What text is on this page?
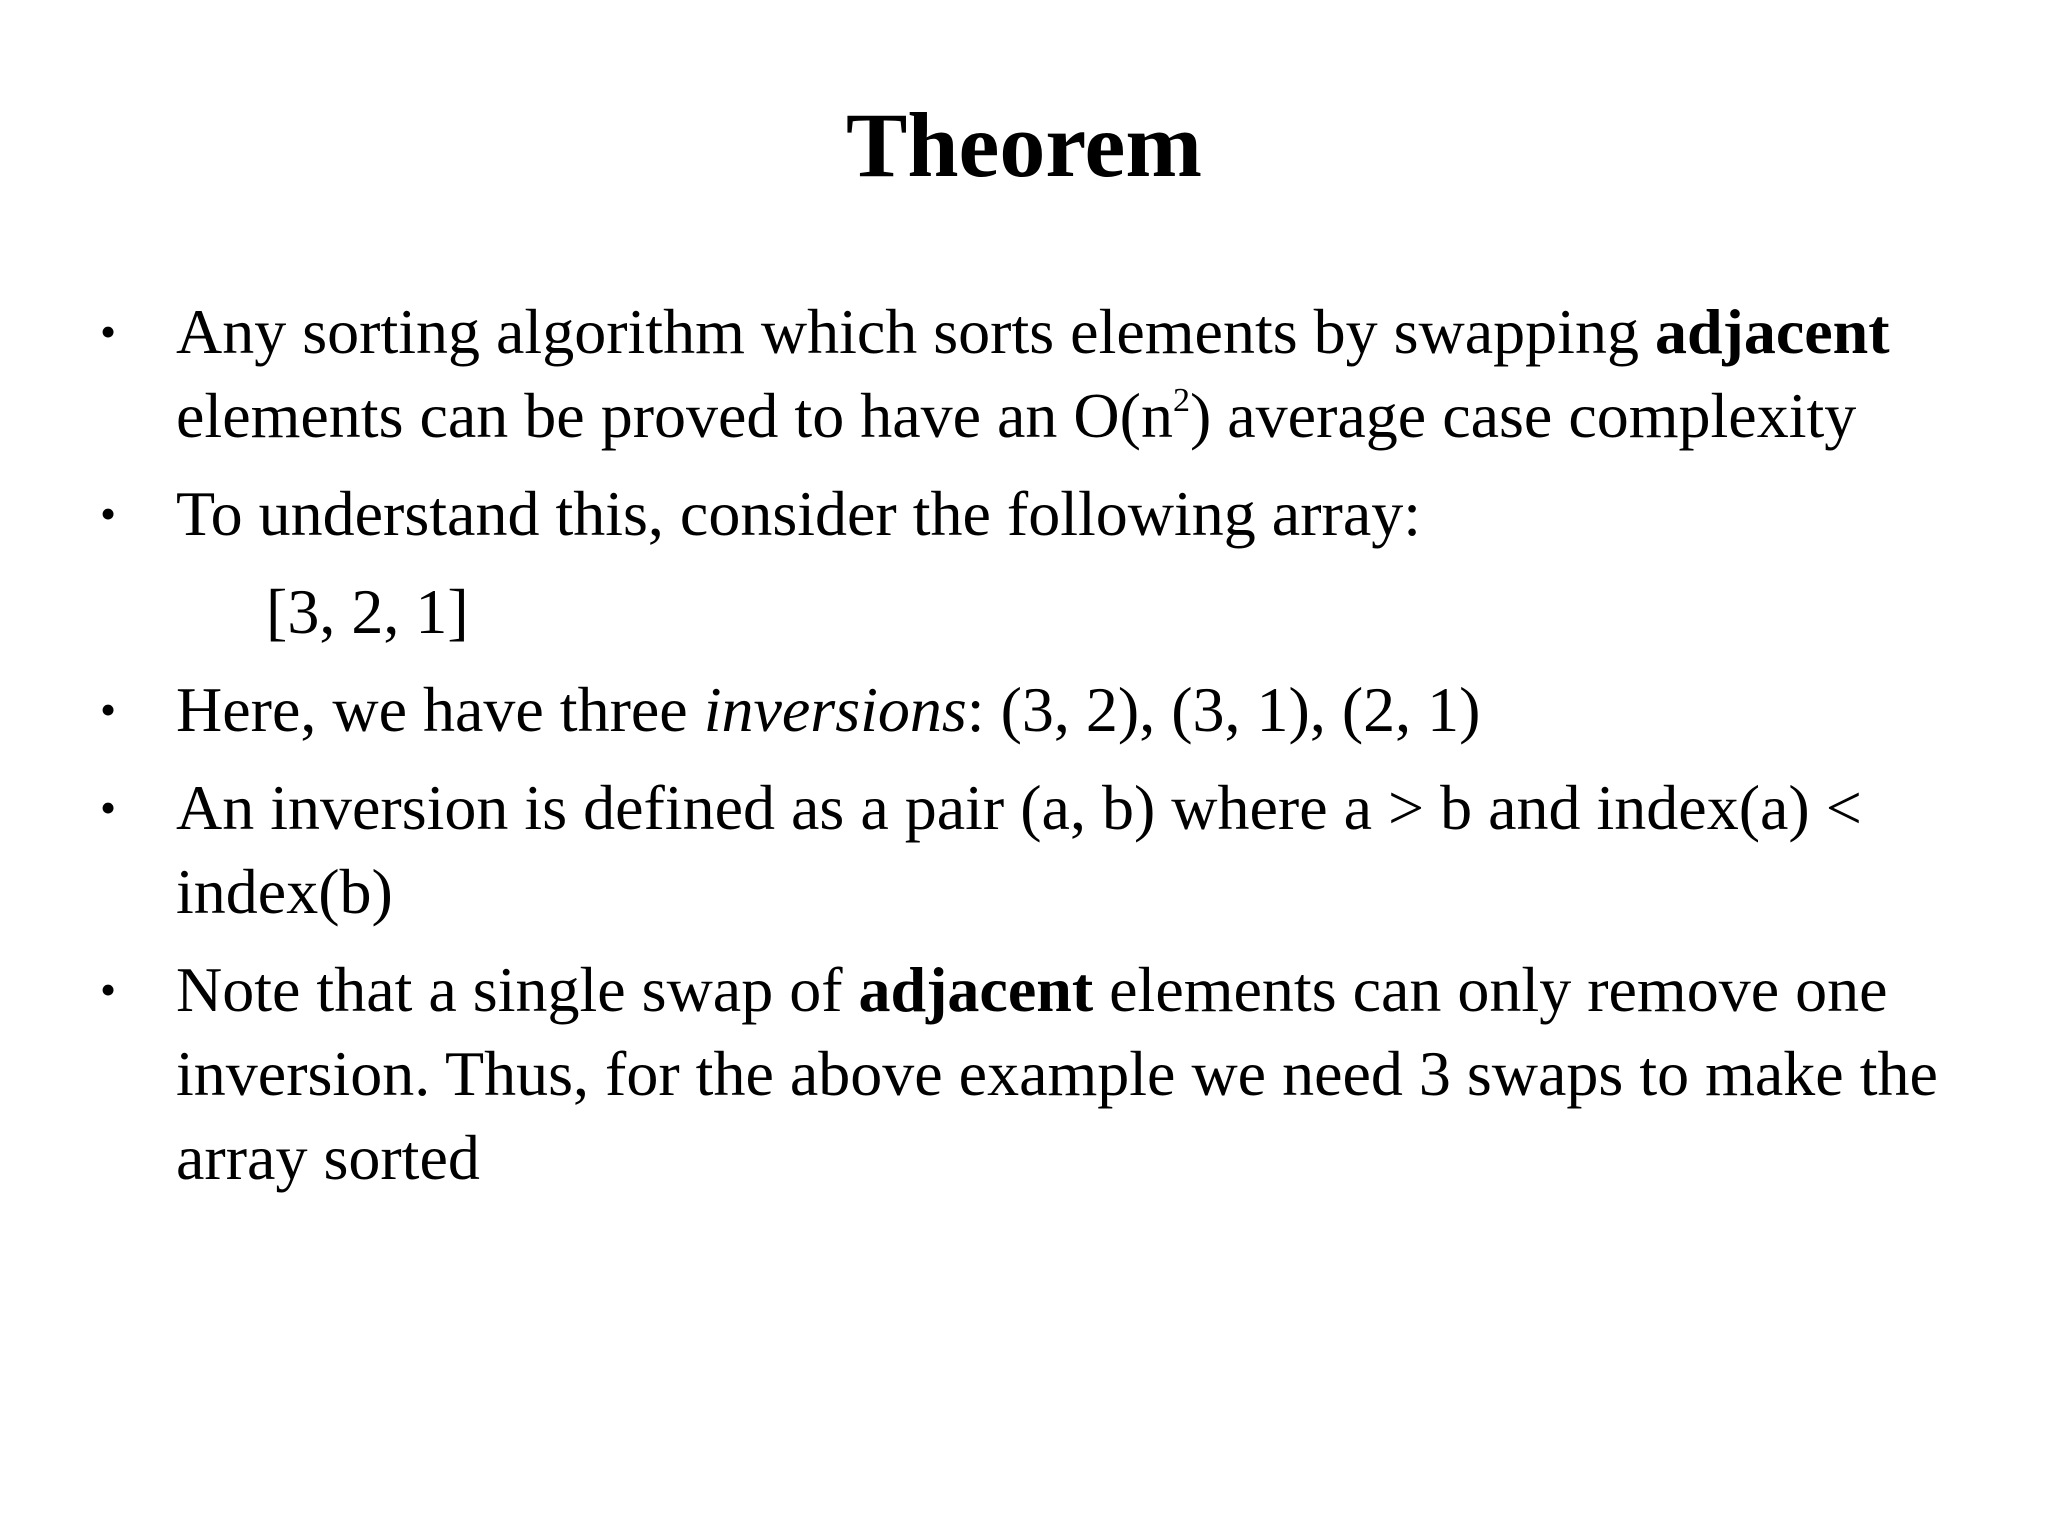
Theorem
• Any sorting algorithm which sorts elements by swapping adjacent elements can be proved to have an $O(n^2)$ average case complexity
• To understand this, consider the following array:
[3, 2, 1]
• Here, we have three inversions: (3, 2), (3, 1), (2, 1)
• An inversion is defined as a pair (a, b) where a > b and index(a) < index(b)
• Note that a single swap of adjacent elements can only remove one inversion. Thus, for the above example we need 3 swaps to make the array sorted
